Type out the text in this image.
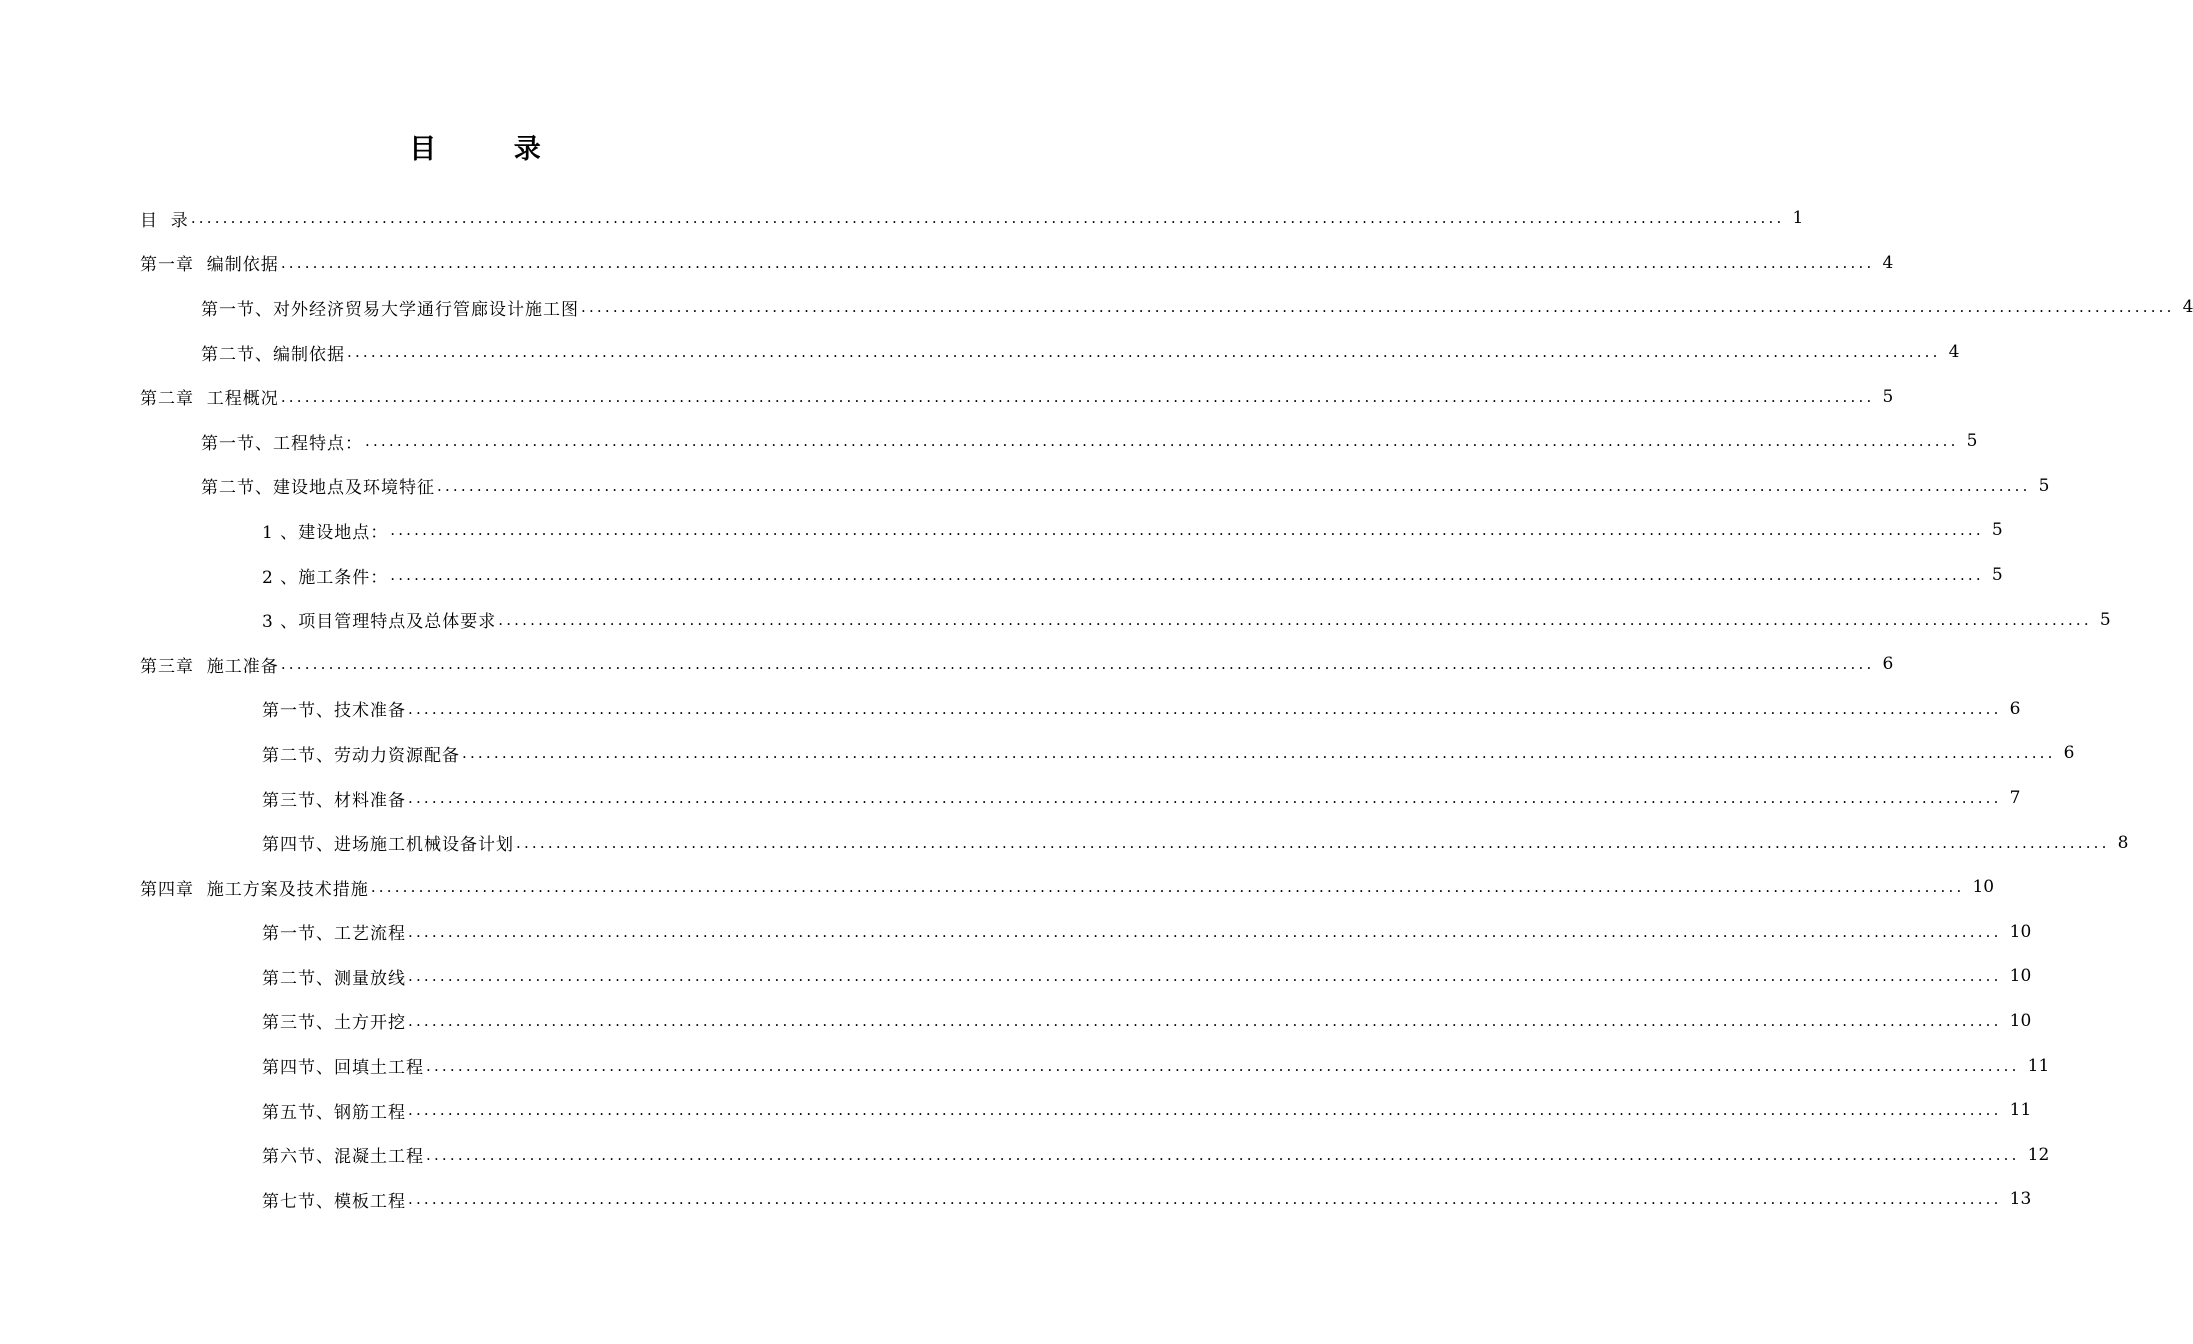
目 录
目  录 ........................................................................................................................................................................................................ 1
第一章  编制依据 ........................................................................................................................................................................................................ 4
第一节、对外经济贸易大学通行管廊设计施工图 ........................................................................................................................................................................................................ 4
第二节、编制依据 ........................................................................................................................................................................................................ 4
第二章  工程概况 ........................................................................................................................................................................................................ 5
第一节、工程特点： ........................................................................................................................................................................................................ 5
第二节、建设地点及环境特征 ........................................................................................................................................................................................................ 5
1 、建设地点： ........................................................................................................................................................................................................ 5
2 、施工条件： ........................................................................................................................................................................................................ 5
3 、项目管理特点及总体要求 ........................................................................................................................................................................................................ 5
第三章  施工准备 ........................................................................................................................................................................................................ 6
第一节、技术准备 ........................................................................................................................................................................................................ 6
第二节、劳动力资源配备 ........................................................................................................................................................................................................ 6
第三节、材料准备 ........................................................................................................................................................................................................ 7
第四节、进场施工机械设备计划 ........................................................................................................................................................................................................ 8
第四章  施工方案及技术措施 ........................................................................................................................................................................................................ 10
第一节、工艺流程 ........................................................................................................................................................................................................ 10
第二节、测量放线 ........................................................................................................................................................................................................ 10
第三节、土方开挖 ........................................................................................................................................................................................................ 10
第四节、回填土工程 ........................................................................................................................................................................................................ 11
第五节、钢筋工程 ........................................................................................................................................................................................................ 11
第六节、混凝土工程 ........................................................................................................................................................................................................ 12
第七节、模板工程 ........................................................................................................................................................................................................ 13
